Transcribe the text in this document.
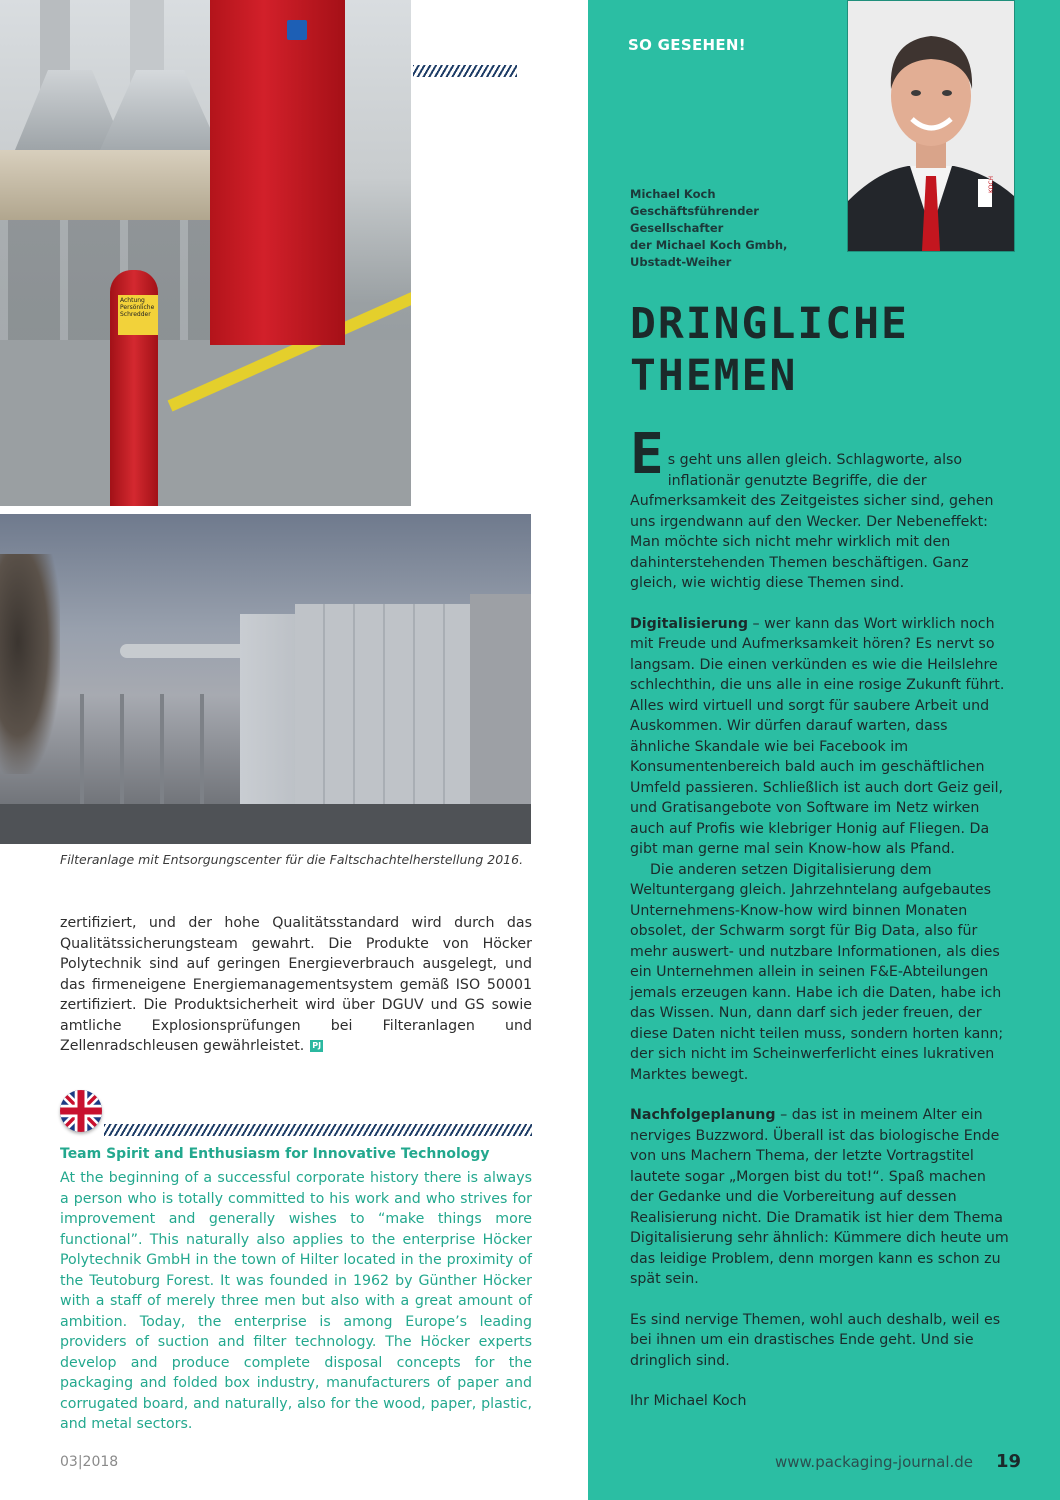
Achtung Persönliche Schredder
Filteranlage mit Entsorgungscenter für die Faltschachtelherstellung 2016.
zertifiziert, und der hohe Qualitätsstandard wird durch das Qualitätssicherungsteam gewahrt. Die Produkte von Höcker Polytechnik sind auf geringen Energieverbrauch ausgelegt, und das firmeneigene Energiemanagementsystem gemäß ISO 50001 zertifiziert. Die Produktsicherheit wird über DGUV und GS sowie amtliche Explosionsprüfungen bei Filteranlagen und Zellenradschleusen gewährleistet. PJ
Team Spirit and Enthusiasm for Innovative Technology
At the beginning of a successful corporate history there is always a person who is totally committed to his work and who strives for improvement and generally wishes to “make things more functional”. This naturally also applies to the enterprise Höcker Polytechnik GmbH in the town of Hilter located in the proximity of the Teutoburg Forest. It was founded in 1962 by Günther Höcker with a staff of merely three men but also with a great amount of ambition. Today, the enterprise is among Europe’s leading providers of suction and filter technology. The Höcker experts develop and produce complete disposal concepts for the packaging and folded box industry, manufacturers of paper and corrugated board, and naturally, also for the wood, paper, plastic, and metal sectors.
03|2018
SO GESEHEN!
KOCH
Michael Koch
Geschäftsführender Gesellschafter
der Michael Koch Gmbh,
Ubstadt-Weiher
DRINGLICHE
THEMEN

Es geht uns allen gleich. Schlagworte, also inflationär genutzte Begriffe, die der Aufmerksamkeit des Zeitgeistes sicher sind, gehen uns irgendwann auf den Wecker. Der Nebeneffekt: Man möchte sich nicht mehr wirklich mit den dahinterstehenden Themen beschäftigen. Ganz gleich, wie wichtig diese Themen sind.

Digitalisierung – wer kann das Wort wirklich noch mit Freude und Aufmerksamkeit hören? Es nervt so langsam. Die einen verkünden es wie die Heilslehre schlechthin, die uns alle in eine rosige Zukunft führt. Alles wird virtuell und sorgt für saubere Arbeit und Auskommen. Wir dürfen darauf warten, dass ähnliche Skandale wie bei Facebook im Konsumentenbereich bald auch im geschäftlichen Umfeld passieren. Schließlich ist auch dort Geiz geil, und Gratisangebote von Software im Netz wirken auch auf Profis wie klebriger Honig auf Fliegen. Da gibt man gerne mal sein Know-how als Pfand.

Die anderen setzen Digitalisierung dem Weltuntergang gleich. Jahrzehntelang aufgebautes Unternehmens-Know-how wird binnen Monaten obsolet, der Schwarm sorgt für Big Data, also für mehr auswert- und nutzbare Informationen, als dies ein Unternehmen allein in seinen F&E-Abteilungen jemals erzeugen kann. Habe ich die Daten, habe ich das Wissen. Nun, dann darf sich jeder freuen, der diese Daten nicht teilen muss, sondern horten kann; der sich nicht im Scheinwerferlicht eines lukrativen Marktes bewegt.

Nachfolgeplanung – das ist in meinem Alter ein nerviges Buzzword. Überall ist das biologische Ende von uns Machern Thema, der letzte Vortragstitel lautete sogar „Morgen bist du tot!“. Spaß machen der Gedanke und die Vorbereitung auf dessen Realisierung nicht. Die Dramatik ist hier dem Thema Digitalisierung sehr ähnlich: Kümmere dich heute um das leidige Problem, denn morgen kann es schon zu spät sein.

Es sind nervige Themen, wohl auch deshalb, weil es bei ihnen um ein drastisches Ende geht. Und sie dringlich sind.

Ihr Michael Koch

www.packaging-journal.de 19
